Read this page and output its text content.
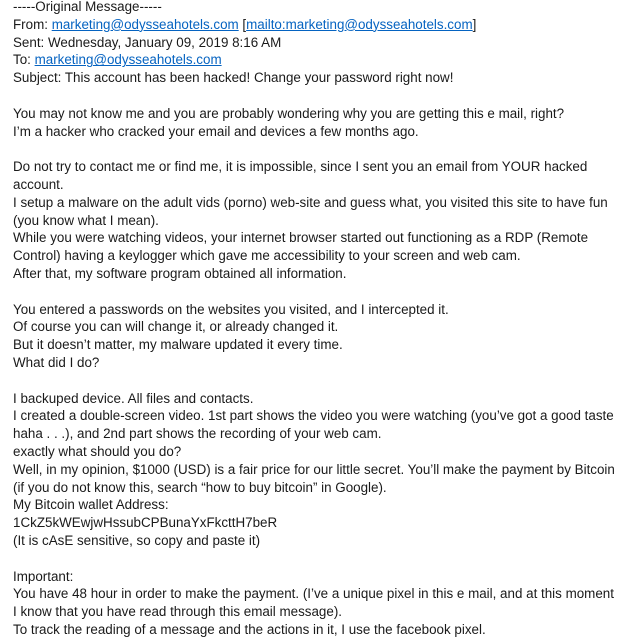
-----Original Message-----
From: marketing@odysseahotels.com [mailto:marketing@odysseahotels.com]
Sent: Wednesday, January 09, 2019 8:16 AM
To: marketing@odysseahotels.com
Subject: This account has been hacked! Change your password right now!
You may not know me and you are probably wondering why you are getting this e mail, right?
I’m a hacker who cracked your email and devices a few months ago.
Do not try to contact me or find me, it is impossible, since I sent you an email from YOUR hacked
account.
I setup a malware on the adult vids (porno) web-site and guess what, you visited this site to have fun
(you know what I mean).
While you were watching videos, your internet browser started out functioning as a RDP (Remote
Control) having a keylogger which gave me accessibility to your screen and web cam.
After that, my software program obtained all information.
You entered a passwords on the websites you visited, and I intercepted it.
Of course you can will change it, or already changed it.
But it doesn’t matter, my malware updated it every time.
What did I do?
I backuped device. All files and contacts.
I created a double-screen video. 1st part shows the video you were watching (you’ve got a good taste
haha . . .), and 2nd part shows the recording of your web cam.
exactly what should you do?
Well, in my opinion, $1000 (USD) is a fair price for our little secret. You’ll make the payment by Bitcoin
(if you do not know this, search “how to buy bitcoin” in Google).
My Bitcoin wallet Address:
1CkZ5kWEwjwHssubCPBunaYxFkcttH7beR
(It is cAsE sensitive, so copy and paste it)
Important:
You have 48 hour in order to make the payment. (I’ve a unique pixel in this e mail, and at this moment
I know that you have read through this email message).
To track the reading of a message and the actions in it, I use the facebook pixel.
